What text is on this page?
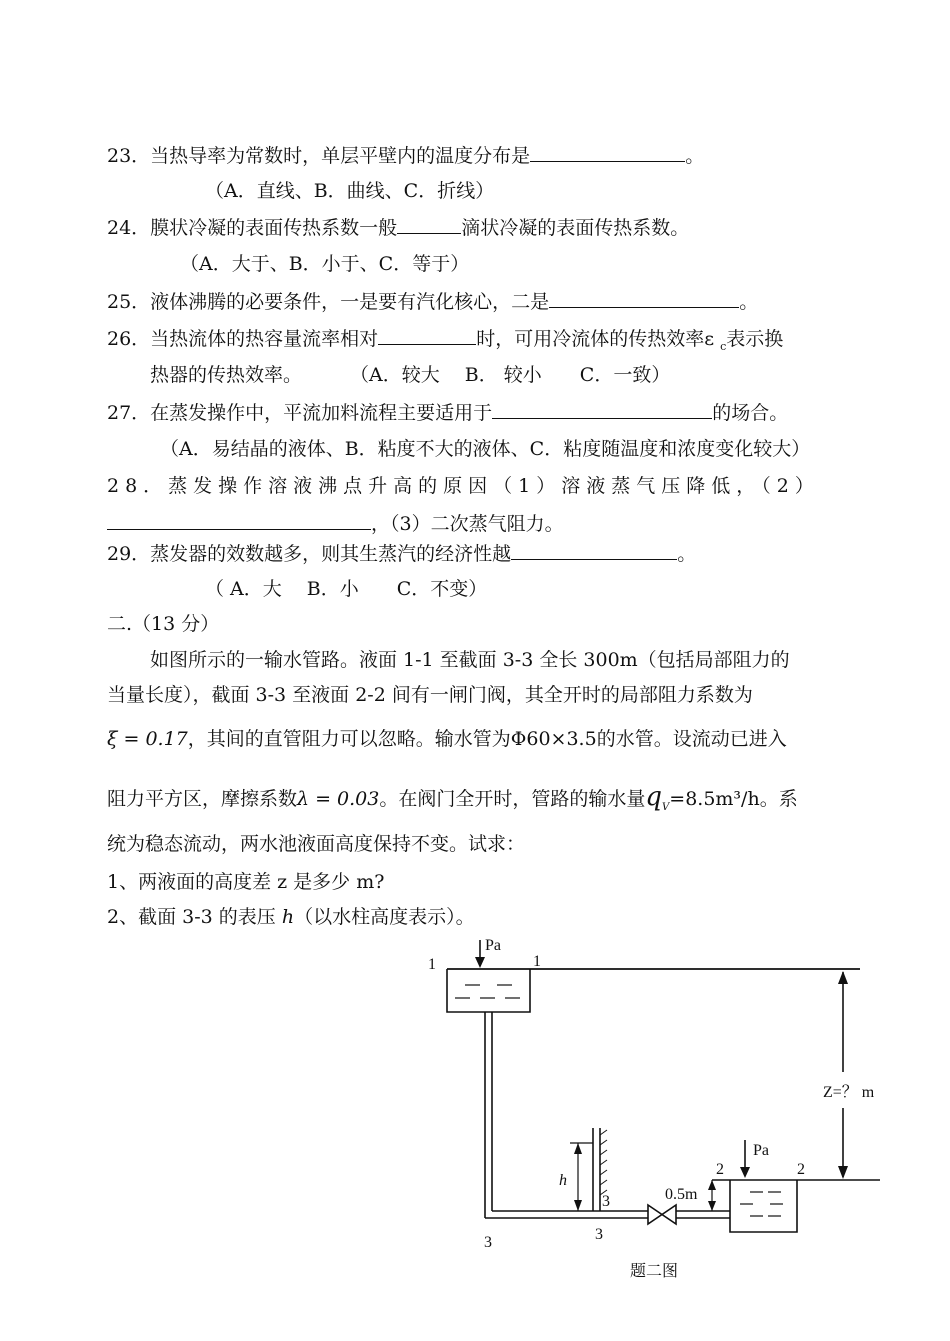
23．当热导率为常数时，单层平壁内的温度分布是	。
（A．直线、B．曲线、C．折线）
24．膜状冷凝的表面传热系数一般	滴状冷凝的表面传热系数。
（A．大于、B．小于、C．等于）
25．液体沸腾的必要条件，一是要有汽化核心，二是	。
26．当热流体的热容量流率相对	时，可用冷流体的传热效率ε $_c$表示换
热器的传热效率。	（A．较大　 B． 较小　　C．一致）
27．在蒸发操作中，平流加料流程主要适用于	的场合。
（A．易结晶的液体、B．粘度不大的液体、C．粘度随温度和浓度变化较大）
28．蒸发操作溶液沸点升高的原因（1）溶液蒸气压降低，（2）
，（3）二次蒸气阻力。
29．蒸发器的效数越多，则其生蒸汽的经济性越	。
（ A．大　 B．小　　C．不变）
二.（13 分）
如图所示的一输水管路。液面 1-1 至截面 3-3 全长 300m（包括局部阻力的
当量长度），截面 3-3 至液面 2-2 间有一闸门阀，其全开时的局部阻力系数为
ξ = 0.17，其间的直管阻力可以忽略。输水管为Φ60×3.5的水管。设流动已进入
阻力平方区，摩擦系数λ = 0.03。在阀门全开时，管路的输水量$q_V=8.5m^3/h$。系
统为稳态流动，两水池液面高度保持不变。试求：
1、两液面的高度差 z 是多少 m?
2、截面 3-3 的表压 h（以水柱高度表示）。
Pa
1	1
Z=？ m
Pa
2	2
h
3
3
3
0.5m
题二图
